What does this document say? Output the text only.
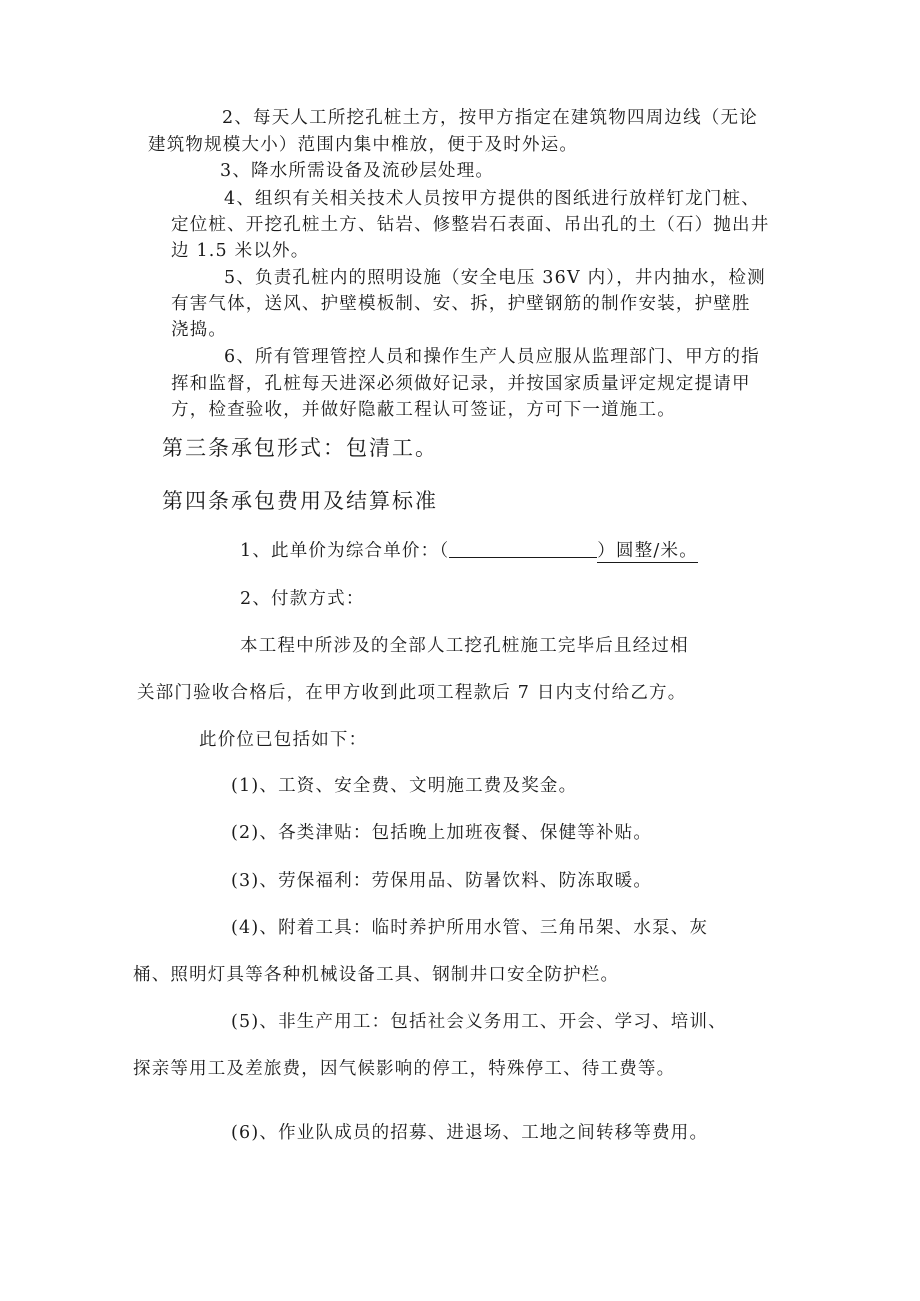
2、每天人工所挖孔桩土方，按甲方指定在建筑物四周边线（无论

建筑物规模大小）范围内集中椎放，便于及时外运。

3、降水所需设备及流砂层处理。

4、组织有关相关技术人员按甲方提供的图纸进行放样钉龙门桩、

定位桩、开挖孔桩土方、钻岩、修整岩石表面、吊出孔的土（石）抛出井

边 1.5 米以外。

5、负责孔桩内的照明设施（安全电压 36V 内），井内抽水，检测

有害气体，送风、护壁模板制、安、拆，护壁钢筋的制作安装，护壁胜

浇捣。

6、所有管理管控人员和操作生产人员应服从监理部门、甲方的指

挥和监督，孔桩每天进深必须做好记录，并按国家质量评定规定提请甲

方，检查验收，并做好隐蔽工程认可签证，方可下一道施工。

第三条承包形式：包清工。

第四条承包费用及结算标准

1、此单价为综合单价：（	）圆整/米。

2、付款方式：

本工程中所涉及的全部人工挖孔桩施工完毕后且经过相

关部门验收合格后，在甲方收到此项工程款后 7 日内支付给乙方。

此价位已包括如下：

(1)、工资、安全费、文明施工费及奖金。

(2)、各类津贴：包括晚上加班夜餐、保健等补贴。

(3)、劳保福利：劳保用品、防暑饮料、防冻取暖。

(4)、附着工具：临时养护所用水管、三角吊架、水泵、灰

桶、照明灯具等各种机械设备工具、钢制井口安全防护栏。

(5)、非生产用工：包括社会义务用工、开会、学习、培训、

探亲等用工及差旅费，因气候影响的停工，特殊停工、待工费等。

(6)、作业队成员的招募、进退场、工地之间转移等费用。
